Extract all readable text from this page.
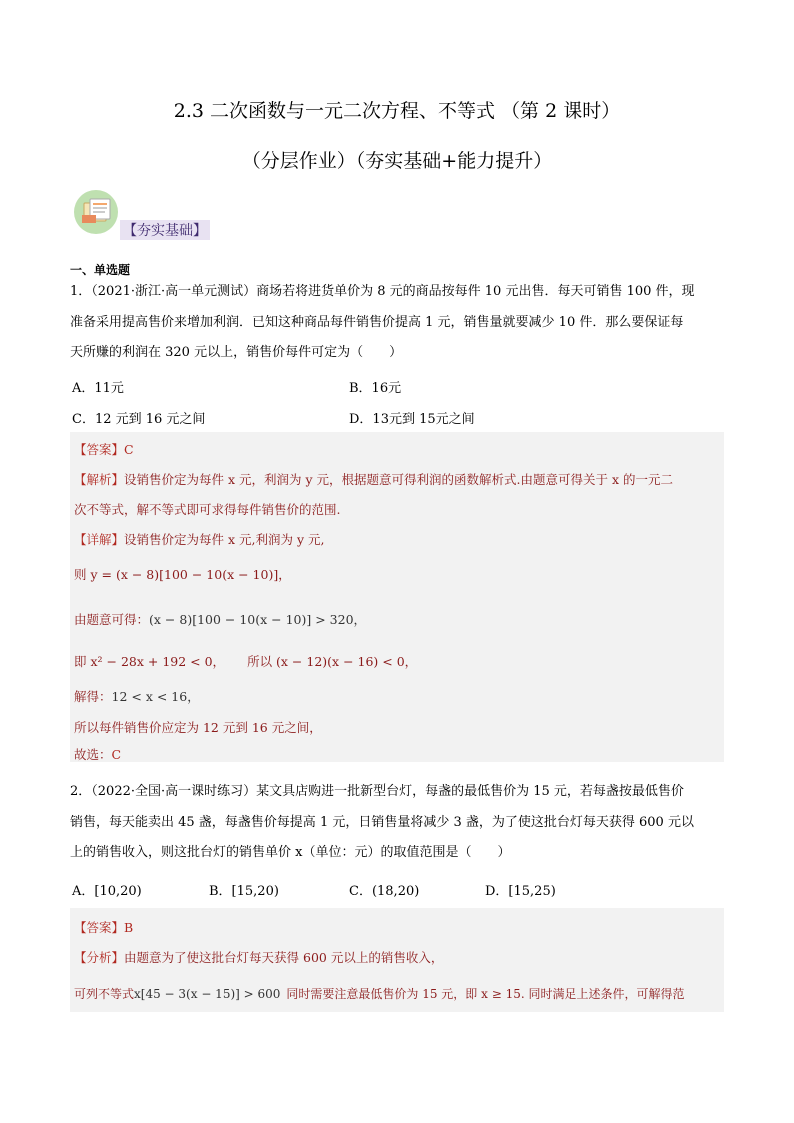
2.3 二次函数与一元二次方程、不等式 （第 2 课时）
（分层作业）（夯实基础+能力提升）
【夯实基础】
一、单选题
1．（2021·浙江·高一单元测试）商场若将进货单价为 8 元的商品按每件 10 元出售．每天可销售 100 件，现
准备采用提高售价来增加利润．已知这种商品每件销售价提高 1 元，销售量就要减少 10 件．那么要保证每
天所赚的利润在 320 元以上，销售价每件可定为（　　）
A．11元	B．16元
C．12 元到 16 元之间	D．13元到 15元之间
【答案】C
【解析】设销售价定为每件 x 元，利润为 y 元，根据题意可得利润的函数解析式.由题意可得关于 x 的一元二
次不等式，解不等式即可求得每件销售价的范围.
【详解】设销售价定为每件 x 元,利润为 y 元,
则 y = (x − 8)[100 − 10(x − 10)]，
由题意可得：(x − 8)[100 − 10(x − 10)] > 320，
即 x² − 28x + 192 < 0， 所以 (x − 12)(x − 16) < 0，
解得：12 < x < 16，
所以每件销售价应定为 12 元到 16 元之间，
故选：C
2．（2022·全国·高一课时练习）某文具店购进一批新型台灯，每盏的最低售价为 15 元，若每盏按最低售价
销售，每天能卖出 45 盏，每盏售价每提高 1 元，日销售量将减少 3 盏，为了使这批台灯每天获得 600 元以
上的销售收入，则这批台灯的销售单价 x（单位：元）的取值范围是（　　）
A．[10,20)	B．[15,20)	C．(18,20)	D．[15,25)
【答案】B
【分析】由题意为了使这批台灯每天获得 600 元以上的销售收入，
可列不等式x[45 − 3(x − 15)] > 600 同时需要注意最低售价为 15 元，即 x ≥ 15. 同时满足上述条件，可解得范
